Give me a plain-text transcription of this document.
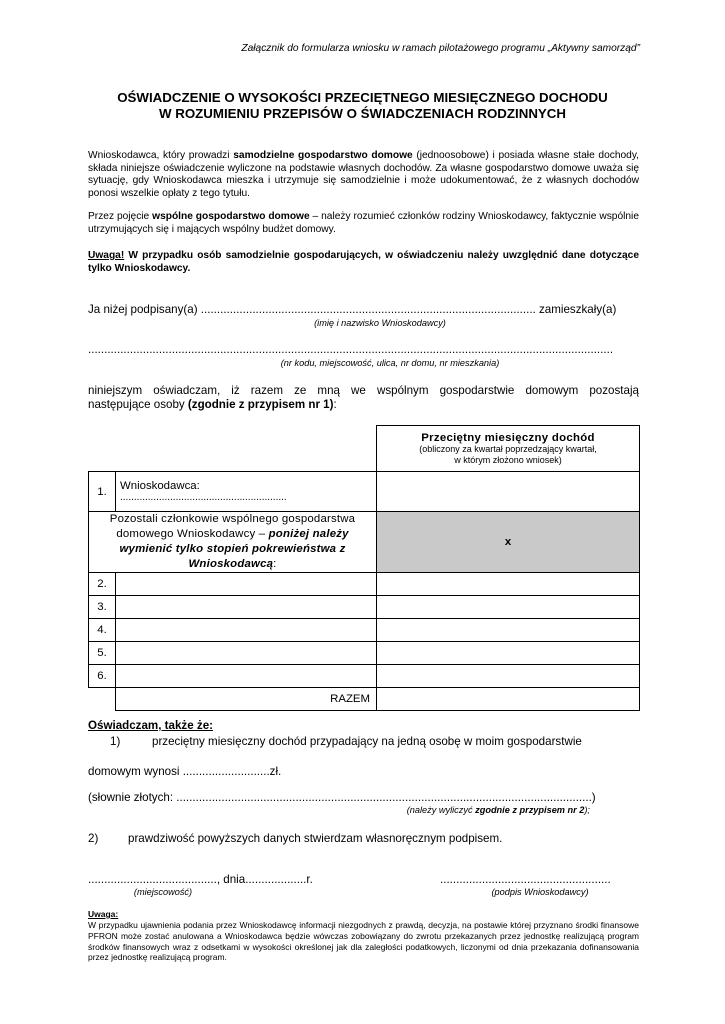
Załącznik do formularza wniosku w ramach pilotażowego programu „Aktywny samorząd”
OŚWIADCZENIE O WYSOKOŚCI PRZECIĘTNEGO MIESIĘCZNEGO DOCHODU
W ROZUMIENIU PRZEPISÓW O ŚWIADCZENIACH RODZINNYCH
Wnioskodawca, który prowadzi samodzielne gospodarstwo domowe (jednoosobowe) i posiada własne stałe dochody, składa niniejsze oświadczenie wyliczone na podstawie własnych dochodów. Za własne gospodarstwo domowe uważa się sytuację, gdy Wnioskodawca mieszka i utrzymuje się samodzielnie i może udokumentować, że z własnych dochodów ponosi wszelkie opłaty z tego tytułu.
Przez pojęcie wspólne gospodarstwo domowe – należy rozumieć członków rodziny Wnioskodawcy, faktycznie wspólnie utrzymujących się i mających wspólny budżet domowy.
Uwaga! W przypadku osób samodzielnie gospodarujących, w oświadczeniu należy uwzględnić dane dotyczące tylko Wnioskodawcy.
Ja niżej podpisany(a) ........................................................................................................ zamieszkały(a)
(imię i nazwisko Wnioskodawcy)
...................................................................................................................................................................
(nr kodu, miejscowość, ulica, nr domu, nr mieszkania)
niniejszym oświadczam, iż razem ze mną we wspólnym gospodarstwie domowym pozostają
następujące osoby (zgodnie z przypisem nr 1):

		Przeciętny miesięczny dochód
(obliczony za kwartał poprzedzający kwartał,
w którym złożono wniosek)

1.	Wnioskodawca:
............................................................	

Pozostali członkowie wspólnego gospodarstwa domowego Wnioskodawcy – poniżej należy wymienić tylko stopień pokrewieństwa z Wnioskodawcą:		x
2.		
3.		
4.		
5.		
6.		
	RAZEM	
Oświadczam, także że:
1)	przeciętny miesięczny dochód przypadający na jedną osobę w moim gospodarstwie
domowym wynosi ...........................zł.
(słownie złotych: .................................................................................................................................)
(należy wyliczyć zgodnie z przypisem nr 2);
2)	prawdziwość powyższych danych stwierdzam własnoręcznym podpisem.
........................................, dnia...................r.	.....................................................
(miejscowość)	(podpis Wnioskodawcy)
Uwaga:
W przypadku ujawnienia podania przez Wnioskodawcę informacji niezgodnych z prawdą, decyzja, na postawie której przyznano środki finansowe PFRON może zostać anulowana a Wnioskodawca będzie wówczas zobowiązany do zwrotu przekazanych przez jednostkę realizującą program środków finansowych wraz z odsetkami w wysokości określonej jak dla zaległości podatkowych, liczonymi od dnia przekazania dofinansowania przez jednostkę realizującą program.
